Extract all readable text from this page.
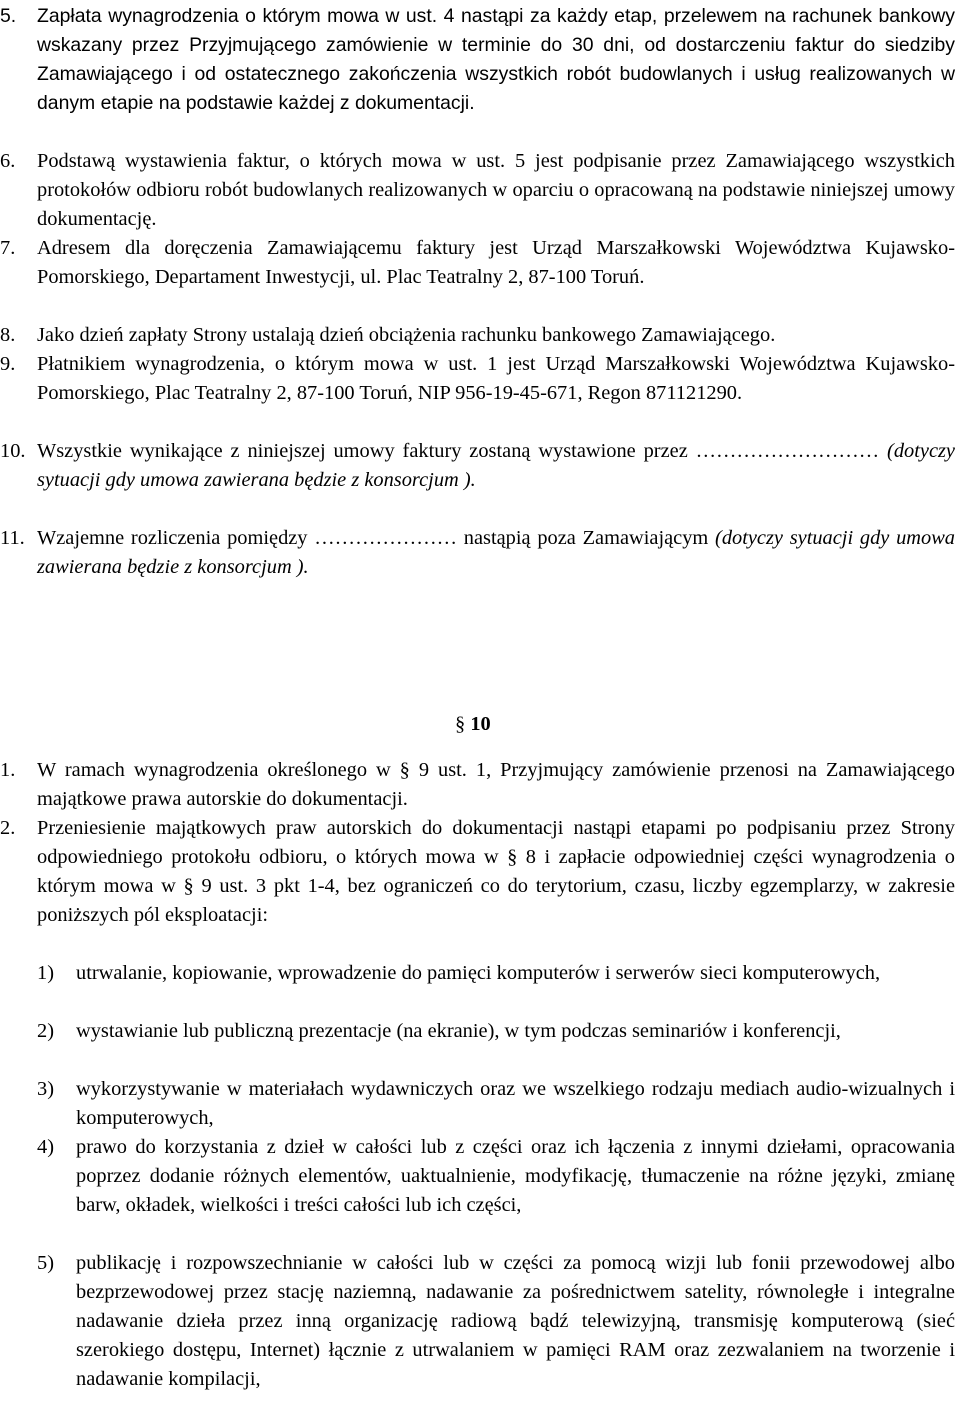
5.	Zapłata wynagrodzenia o którym mowa w ust. 4 nastąpi za każdy etap, przelewem na rachunek bankowy wskazany przez Przyjmującego zamówienie w terminie do 30 dni, od dostarczeniu faktur do siedziby Zamawiającego i od ostatecznego zakończenia wszystkich robót budowlanych i usług realizowanych w danym etapie na podstawie każdej z dokumentacji.
6.	Podstawą wystawienia faktur, o których mowa w ust. 5 jest podpisanie przez Zamawiającego wszystkich protokołów odbioru robót budowlanych realizowanych w oparciu o opracowaną na podstawie niniejszej umowy dokumentację.
7.	Adresem dla doręczenia Zamawiającemu faktury jest Urząd Marszałkowski Województwa Kujawsko-Pomorskiego, Departament Inwestycji, ul. Plac Teatralny 2, 87-100 Toruń.
8.	Jako dzień zapłaty Strony ustalają dzień obciążenia rachunku bankowego Zamawiającego.
9.	Płatnikiem wynagrodzenia, o którym mowa w ust. 1 jest Urząd Marszałkowski Województwa Kujawsko-Pomorskiego, Plac Teatralny 2, 87-100 Toruń, NIP 956-19-45-671, Regon 871121290.
10. Wszystkie wynikające z niniejszej umowy faktury zostaną wystawione przez ……………………… (dotyczy sytuacji gdy umowa zawierana będzie z konsorcjum ).
11. Wzajemne rozliczenia pomiędzy ………………… nastąpią poza Zamawiającym (dotyczy sytuacji gdy umowa zawierana będzie z konsorcjum ).
§ 10
1.	W ramach wynagrodzenia określonego w § 9 ust. 1, Przyjmujący zamówienie przenosi na Zamawiającego majątkowe prawa autorskie do dokumentacji.
2.	Przeniesienie majątkowych praw autorskich do dokumentacji nastąpi etapami po podpisaniu przez Strony odpowiedniego protokołu odbioru, o których mowa w § 8 i zapłacie odpowiedniej części wynagrodzenia o którym mowa w § 9 ust. 3 pkt 1-4, bez ograniczeń co do terytorium, czasu, liczby egzemplarzy, w zakresie poniższych pól eksploatacji:
1)	utrwalanie, kopiowanie, wprowadzenie do pamięci komputerów i serwerów sieci komputerowych,
2)	wystawianie lub publiczną prezentacje (na ekranie), w tym podczas seminariów i konferencji,
3)	wykorzystywanie w materiałach wydawniczych oraz we wszelkiego rodzaju mediach audio-wizualnych i komputerowych,
4)	prawo do korzystania z dzieł w całości lub z części oraz ich łączenia z innymi dziełami, opracowania poprzez dodanie różnych elementów, uaktualnienie, modyfikację, tłumaczenie na różne języki, zmianę barw, okładek, wielkości i treści całości lub ich części,
5)	publikację i rozpowszechnianie w całości lub w części za pomocą wizji lub fonii przewodowej albo bezprzewodowej przez stację naziemną, nadawanie za pośrednictwem satelity, równoległe i integralne nadawanie dzieła przez inną organizację radiową bądź telewizyjną, transmisję komputerową (sieć szerokiego dostępu, Internet) łącznie z utrwalaniem w pamięci RAM oraz zezwalaniem na tworzenie i nadawanie kompilacji,
